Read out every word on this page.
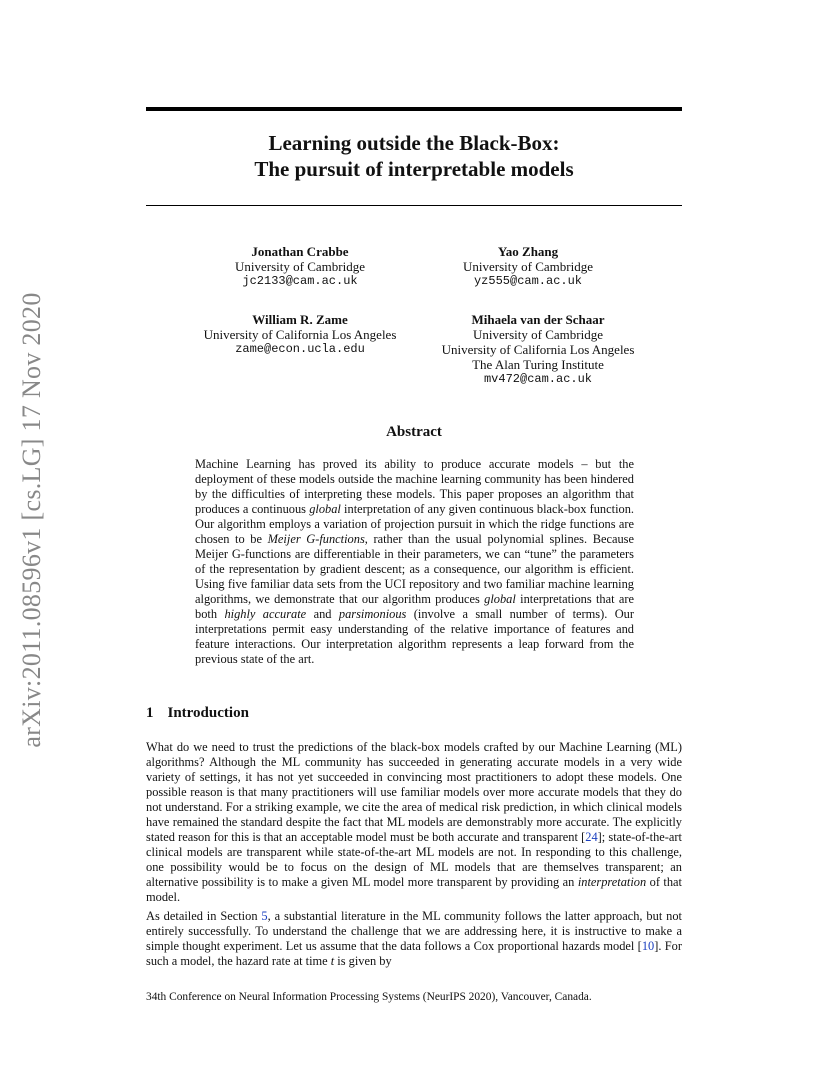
arXiv:2011.08596v1 [cs.LG] 17 Nov 2020
Learning outside the Black-Box:
The pursuit of interpretable models
Jonathan Crabbe
University of Cambridge
jc2133@cam.ac.uk
Yao Zhang
University of Cambridge
yz555@cam.ac.uk
William R. Zame
University of California Los Angeles
zame@econ.ucla.edu
Mihaela van der Schaar
University of Cambridge
University of California Los Angeles
The Alan Turing Institute
mv472@cam.ac.uk
Abstract
Machine Learning has proved its ability to produce accurate models – but the deployment of these models outside the machine learning community has been hindered by the difficulties of interpreting these models. This paper proposes an algorithm that produces a continuous global interpretation of any given continuous black-box function. Our algorithm employs a variation of projection pursuit in which the ridge functions are chosen to be Meijer G-functions, rather than the usual polynomial splines. Because Meijer G-functions are differentiable in their parameters, we can “tune” the parameters of the representation by gradient descent; as a consequence, our algorithm is efficient. Using five familiar data sets from the UCI repository and two familiar machine learning algorithms, we demonstrate that our algorithm produces global interpretations that are both highly accurate and parsimonious (involve a small number of terms). Our interpretations permit easy understanding of the relative importance of features and feature interactions. Our interpretation algorithm represents a leap forward from the previous state of the art.
1 Introduction
What do we need to trust the predictions of the black-box models crafted by our Machine Learning (ML) algorithms? Although the ML community has succeeded in generating accurate models in a very wide variety of settings, it has not yet succeeded in convincing most practitioners to adopt these models. One possible reason is that many practitioners will use familiar models over more accurate models that they do not understand. For a striking example, we cite the area of medical risk prediction, in which clinical models have remained the standard despite the fact that ML models are demonstrably more accurate. The explicitly stated reason for this is that an acceptable model must be both accurate and transparent [24]; state-of-the-art clinical models are transparent while state-of-the-art ML models are not. In responding to this challenge, one possibility would be to focus on the design of ML models that are themselves transparent; an alternative possibility is to make a given ML model more transparent by providing an interpretation of that model.
As detailed in Section 5, a substantial literature in the ML community follows the latter approach, but not entirely successfully. To understand the challenge that we are addressing here, it is instructive to make a simple thought experiment. Let us assume that the data follows a Cox proportional hazards model [10]. For such a model, the hazard rate at time t is given by
34th Conference on Neural Information Processing Systems (NeurIPS 2020), Vancouver, Canada.
